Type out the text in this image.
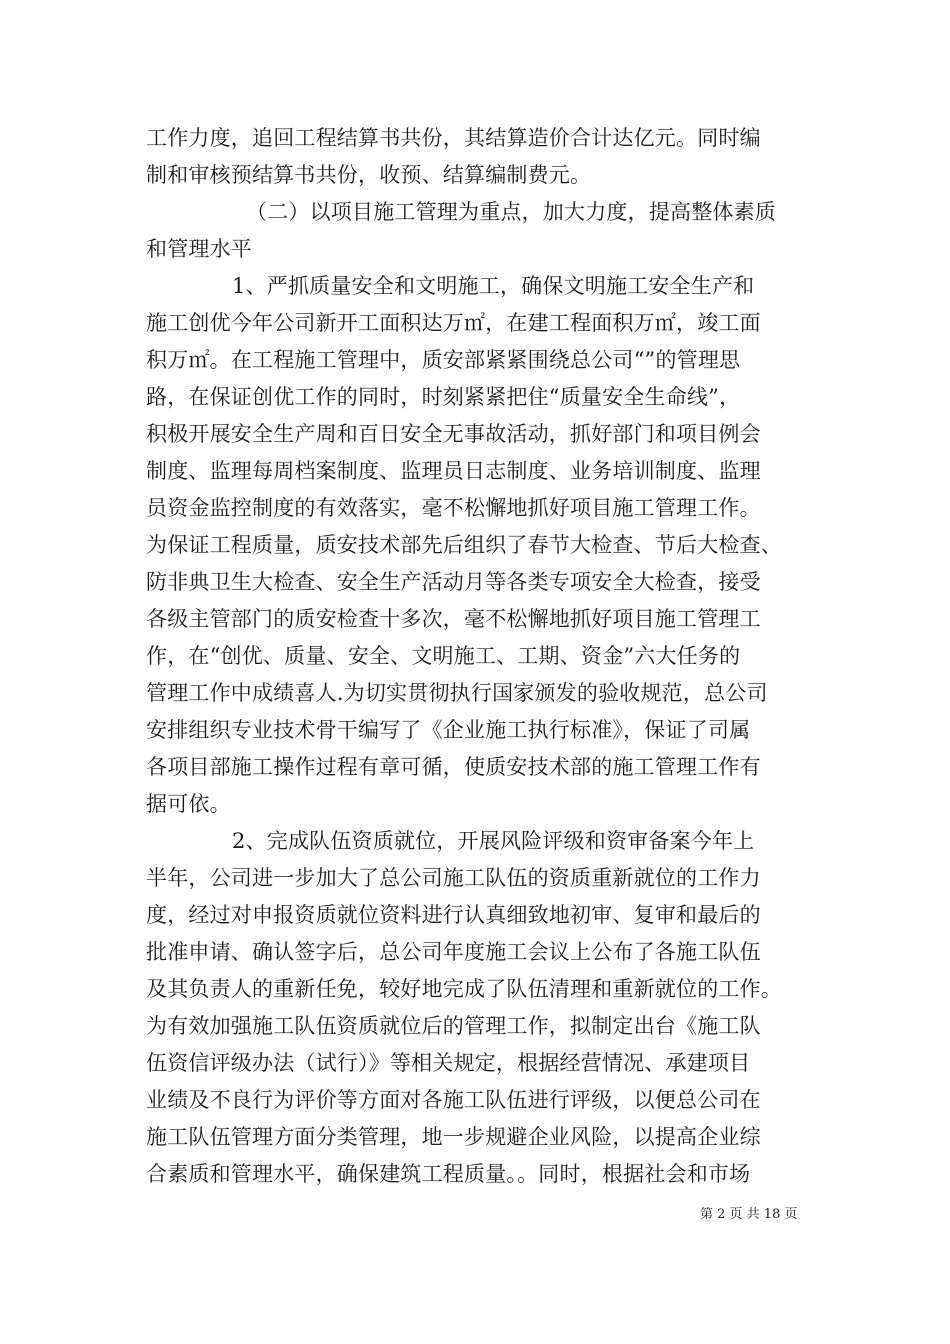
工作力度，追回工程结算书共份，其结算造价合计达亿元。同时编
制和审核预结算书共份，收预、结算编制费元。
（二）以项目施工管理为重点，加大力度，提高整体素质
和管理水平
1、严抓质量安全和文明施工，确保文明施工安全生产和
施工创优今年公司新开工面积达万㎡，在建工程面积万㎡，竣工面
积万㎡。在工程施工管理中，质安部紧紧围绕总公司“”的管理思
路，在保证创优工作的同时，时刻紧紧把住“质量安全生命线”，
积极开展安全生产周和百日安全无事故活动，抓好部门和项目例会
制度、监理每周档案制度、监理员日志制度、业务培训制度、监理
员资金监控制度的有效落实，毫不松懈地抓好项目施工管理工作。
为保证工程质量，质安技术部先后组织了春节大检查、节后大检查、
防非典卫生大检查、安全生产活动月等各类专项安全大检查，接受
各级主管部门的质安检查十多次，毫不松懈地抓好项目施工管理工
作，在“创优、质量、安全、文明施工、工期、资金”六大任务的
管理工作中成绩喜人.为切实贯彻执行国家颁发的验收规范，总公司
安排组织专业技术骨干编写了《企业施工执行标准》，保证了司属
各项目部施工操作过程有章可循，使质安技术部的施工管理工作有
据可依。
2、完成队伍资质就位，开展风险评级和资审备案今年上
半年，公司进一步加大了总公司施工队伍的资质重新就位的工作力
度，经过对申报资质就位资料进行认真细致地初审、复审和最后的
批准申请、确认签字后，总公司年度施工会议上公布了各施工队伍
及其负责人的重新任免，较好地完成了队伍清理和重新就位的工作。
为有效加强施工队伍资质就位后的管理工作，拟制定出台《施工队
伍资信评级办法（试行）》等相关规定，根据经营情况、承建项目
业绩及不良行为评价等方面对各施工队伍进行评级，以便总公司在
施工队伍管理方面分类管理，地一步规避企业风险，以提高企业综
合素质和管理水平，确保建筑工程质量。。同时，根据社会和市场
第 2 页 共 18 页
